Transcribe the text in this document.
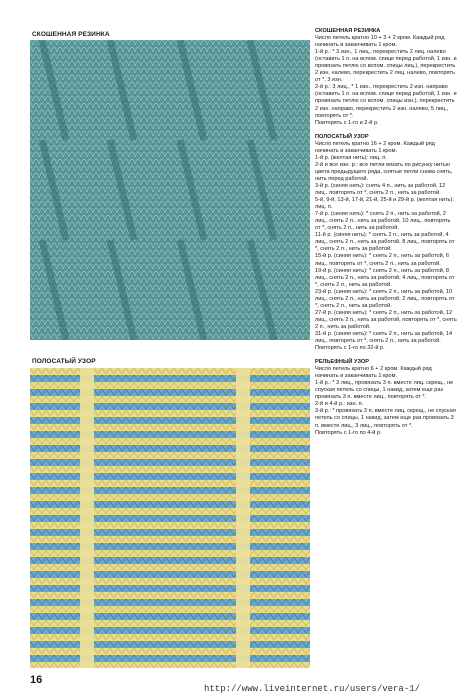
СКОШЕННАЯ РЕЗИНКА
ПОЛОСАТЫЙ УЗОР

СКОШЕННАЯ РЕЗИНКА

Число петель кратно 10 + 3 + 2 кром. Каждый ряд начинать и заканчивать 1 кром.
1-й р.: * 3 изн., 1 лиц., перекрестить 2 лиц. налево (оставить 1 п. на вспом. спице перед работой, 1 изн. и провязать петлю со вспом. спицы лиц.), перекрестить 2 изн. налево, перекрестить 2 лиц. налево, повторять от *, 3 изн.
2-й р.: 3 лиц., * 1 изн., перекрестить 2 изн. направо (оставить 1 п. на вспом. спице перед работой, 1 изн. и провязать петлю со вспом. спицы изн.), перекрестить 2 изн. направо, перекрестить 2 изн. налево, 5 лиц., повторять от *.
Повторять с 1-го и 2-й р.

ПОЛОСАТЫЙ УЗОР

Число петель кратно 16 + 2 кром. Каждый ряд начинать и заканчивать 1 кром.
1-й р. (желтая нить): лиц. п.
2-й и все изн. р.: все петли вязать по рисунку нитью цвета предыдущего ряда, снятые петли снова снять, нить перед работой.
3-й р. (синяя нить): снять 4 п., нить за работой, 12 лиц., повторять от *, снять 2 п., нить за работой.
5-й, 9-й, 13-й, 17-й, 21-й, 25-й и 29-й р. (желтая нить): лиц. п.
7-й р. (синяя нить): * снять 2 п., нить за работой, 2 лиц., снять 2 п., нить за работой, 10 лиц., повторять от *, снять 2 п., нить за работой.
11-й р. (синяя нить): * снять 2 п., нить за работой, 4 лиц., снять 2 п., нить за работой, 8 лиц., повторять от *, снять 2 п., нить за работой.
15-й р. (синяя нить): * снять 2 п., нить за работой, 6 лиц., повторять от *, снять 2 п., нить за работой.
19-й р. (синяя нить): * снять 2 п., нить за работой, 8 лиц., снять 2 п., нить за работой, 4 лиц., повторять от *, снять 2 п., нить за работой.
23-й р. (синяя нить): * снять 2 п., нить за работой, 10 лиц., снять 2 п., нить за работой, 2 лиц., повторять от *, снять 2 п., нить за работой.
27-й р. (синяя нить): * снять 2 п., нить за работой, 12 лиц., снять 2 п., нить за работой, повторять от *, снять 2 п., нить за работой.
31-й р. (синяя нить): * снять 2 п., нить за работой, 14 лиц., повторять от *, снять 2 п., нить за работой.
Повторять с 1-го по 32-й р.

РЕЛЬЕФНЫЙ УЗОР

Число петель кратно 6 + 2 кром. Каждый ряд начинать и заканчивать 1 кром.
1-й р.: * 3 лиц., провязать 3 п. вместе лиц. скрещ., не спуская петель со спицы, 1 накид, затем еще раз провязать 3 п. вместе лиц., повторять от *.
2-й и 4-й р.: изн. п.
3-й р.: * провязать 3 п. вместе лиц. скрещ., не спуская петель со спицы, 1 накид, затем еще раз провязать 3 п. вместе лиц., 3 лиц., повторять от *.
Повторять с 1-го по 4-й р.

16
http://www.liveinternet.ru/users/vera-1/
